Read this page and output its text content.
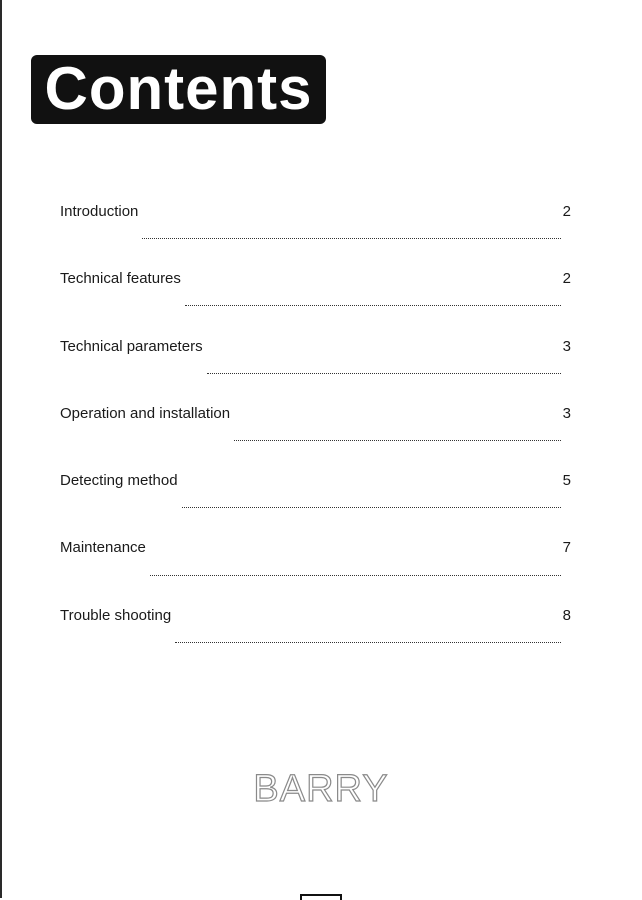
Contents
Introduction	2
Technical features	2
Technical parameters	3
Operation and installation	3
Detecting method	5
Maintenance	7
Trouble shooting	8
BARRY
